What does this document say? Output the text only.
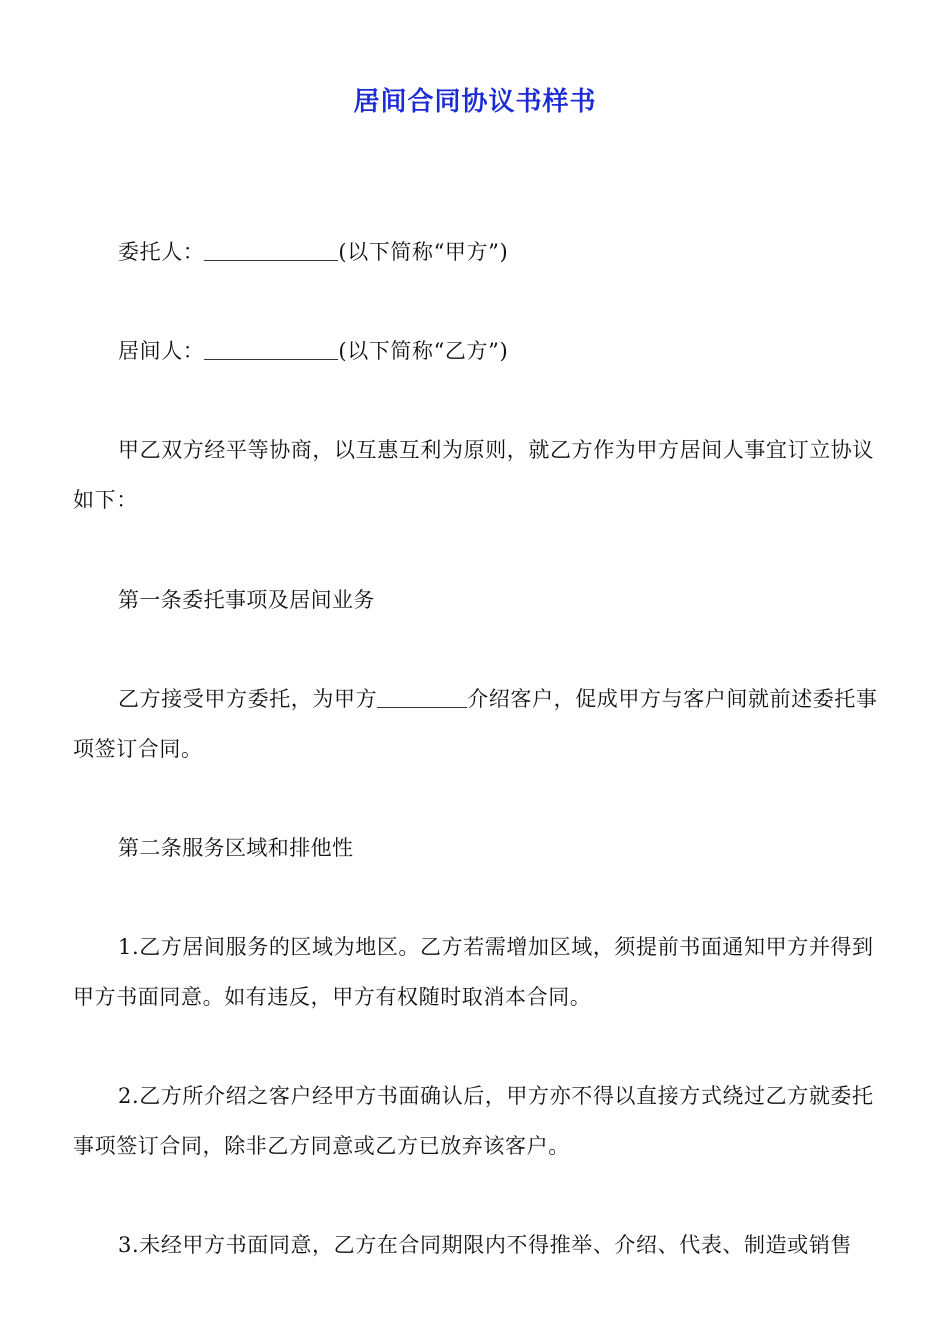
居间合同协议书样书

委托人：	(以下简称“甲方”)

居间人：	(以下简称“乙方”)

甲乙双方经平等协商，以互惠互利为原则，就乙方作为甲方居间人事宜订立协议如下：

第一条委托事项及居间业务

乙方接受甲方委托，为甲方	介绍客户，促成甲方与客户间就前述委托事项签订合同。

第二条服务区域和排他性

1.乙方居间服务的区域为地区。乙方若需增加区域，须提前书面通知甲方并得到甲方书面同意。如有违反，甲方有权随时取消本合同。

2.乙方所介绍之客户经甲方书面确认后，甲方亦不得以直接方式绕过乙方就委托事项签订合同，除非乙方同意或乙方已放弃该客户。

3.未经甲方书面同意，乙方在合同期限内不得推举、介绍、代表、制造或销售
